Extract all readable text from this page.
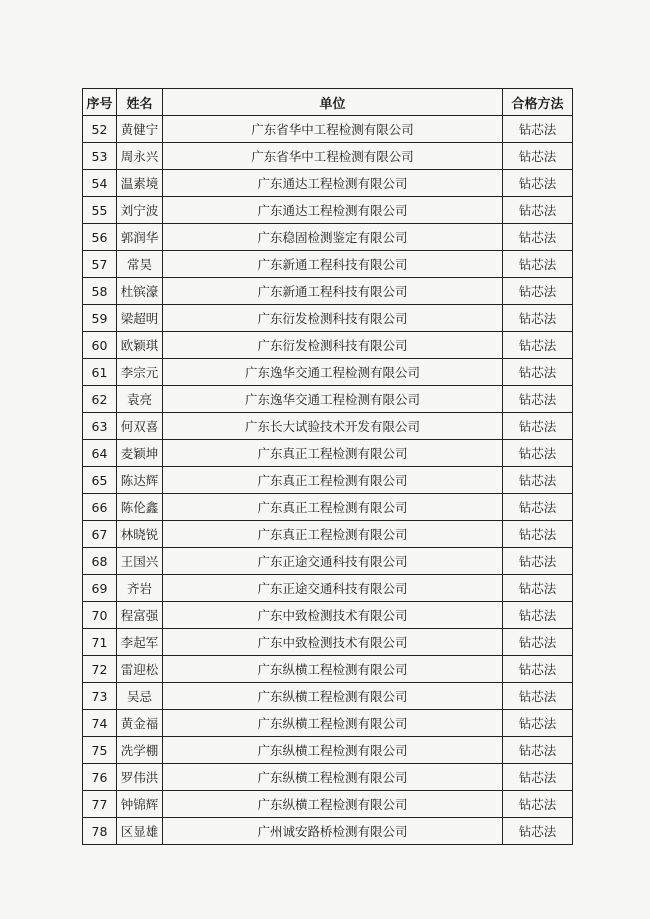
序号	姓名	单位	合格方法
52	黄健宁	广东省华中工程检测有限公司	钻芯法
53	周永兴	广东省华中工程检测有限公司	钻芯法
54	温素境	广东通达工程检测有限公司	钻芯法
55	刘宁波	广东通达工程检测有限公司	钻芯法
56	郭润华	广东稳固检测鉴定有限公司	钻芯法
57	常昊	广东新通工程科技有限公司	钻芯法
58	杜镔濠	广东新通工程科技有限公司	钻芯法
59	梁超明	广东衍发检测科技有限公司	钻芯法
60	欧颖琪	广东衍发检测科技有限公司	钻芯法
61	李宗元	广东逸华交通工程检测有限公司	钻芯法
62	袁亮	广东逸华交通工程检测有限公司	钻芯法
63	何双喜	广东长大试验技术开发有限公司	钻芯法
64	麦颖坤	广东真正工程检测有限公司	钻芯法
65	陈达辉	广东真正工程检测有限公司	钻芯法
66	陈伦鑫	广东真正工程检测有限公司	钻芯法
67	林晓锐	广东真正工程检测有限公司	钻芯法
68	王国兴	广东正途交通科技有限公司	钻芯法
69	齐岩	广东正途交通科技有限公司	钻芯法
70	程富强	广东中致检测技术有限公司	钻芯法
71	李起军	广东中致检测技术有限公司	钻芯法
72	雷迎松	广东纵横工程检测有限公司	钻芯法
73	吴忌	广东纵横工程检测有限公司	钻芯法
74	黄金福	广东纵横工程检测有限公司	钻芯法
75	冼学棚	广东纵横工程检测有限公司	钻芯法
76	罗伟洪	广东纵横工程检测有限公司	钻芯法
77	钟锦辉	广东纵横工程检测有限公司	钻芯法
78	区显雄	广州诚安路桥检测有限公司	钻芯法
